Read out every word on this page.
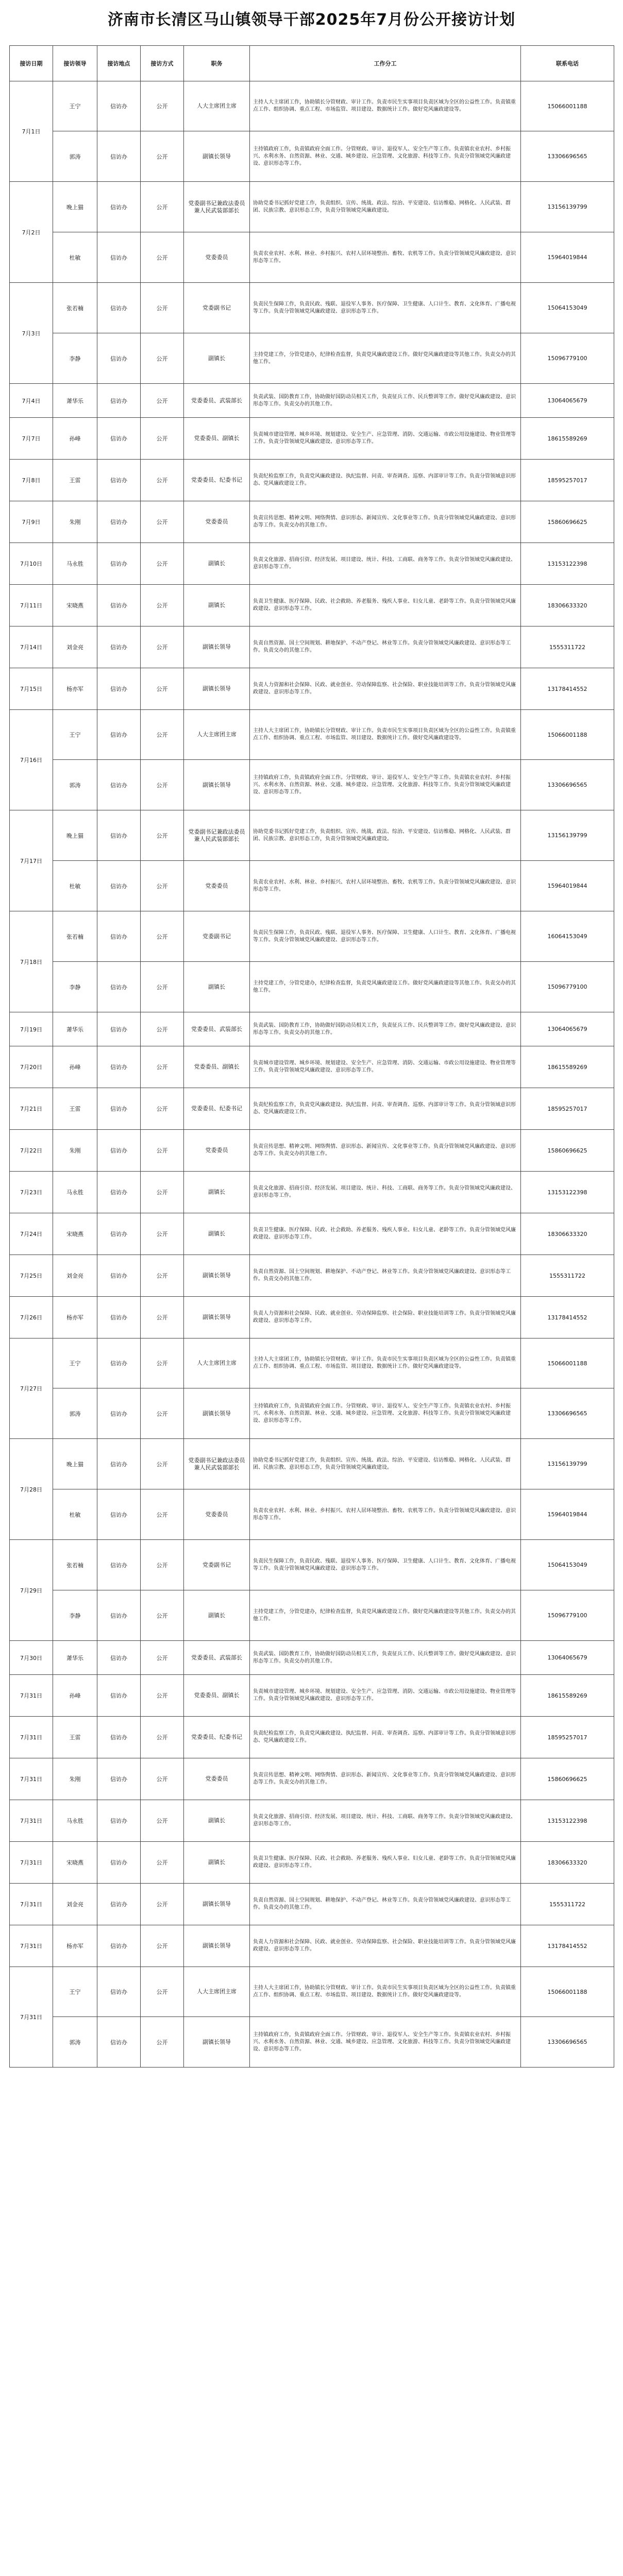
济南市长清区马山镇领导干部2025年7月份公开接访计划
接访日期	接访领导	接访地点	接访方式	职务	工作分工	联系电话
7月1日	王宁	信访办	公开	人大主席团主席	主持人大主席团工作，协助镇长分管财政、审计工作。负责市民生实事项目负责区域为全区的公益性工作。负责镇重点工作、组织协调、重点工程、市场监管、项目建设、数据统计工作。做好党风廉政建设等。	15066001188
	郭涛	信访办	公开	副镇长领导	主持镇政府工作，负责镇政府全面工作。分管财政、审计、退役军人、安全生产等工作。负责镇农业农村、乡村振兴、水利水务、自然资源、林业、交通、城乡建设、应急管理、文化旅游、科技等工作。负责分管领域党风廉政建设、意识形态等工作。	13306696565
7月2日	晚上猫	信访办	公开	党委副书记兼政法委员兼人民武装部部长	协助党委书记抓好党建工作，负责组织、宣传、统战、政法、综治、平安建设、信访维稳、网格化、人民武装、群团、民族宗教、意识形态工作，负责分管领域党风廉政建设。	13156139799
	杜敏	信访办	公开	党委委员	负责农业农村、水利、林业、乡村振兴、农村人居环境整治、畜牧、农机等工作。负责分管领域党风廉政建设、意识形态等工作。	15964019844
7月3日	张若楠	信访办	公开	党委副书记	负责民生保障工作，负责民政、残联、退役军人事务、医疗保障、卫生健康、人口计生、教育、文化体育、广播电视等工作。负责分管领域党风廉政建设、意识形态等工作。	15064153049
	李静	信访办	公开	副镇长	主持党建工作，分管党建办，纪律检查监督，负责党风廉政建设工作。做好党风廉政建设等其他工作。负责交办的其他工作。	15096779100
7月4日	萧华乐	信访办	公开	党委委员、武装部长	负责武装、国防教育工作，协助做好国防动员相关工作，负责征兵工作、民兵整训等工作。做好党风廉政建设、意识形态等工作。负责交办的其他工作。	13064065679
7月7日	孙峰	信访办	公开	党委委员、副镇长	负责城市建设管理、城乡环境、规划建设、安全生产、应急管理、消防、交通运输、市政公用设施建设、物业管理等工作。负责分管领域党风廉政建设、意识形态等工作。	18615589269
7月8日	王雷	信访办	公开	党委委员、纪委书记	负责纪检监察工作，负责党风廉政建设、执纪监督、问责、审查调查、巡察、内部审计等工作。负责分管领域意识形态、党风廉政建设工作。	18595257017
7月9日	朱刚	信访办	公开	党委委员	负责宣传思想、精神文明、网络舆情、意识形态、新闻宣传、文化事业等工作。负责分管领域党风廉政建设、意识形态等工作。负责交办的其他工作。	15860696625
7月10日	马永胜	信访办	公开	副镇长	负责文化旅游、招商引资、经济发展、项目建设、统计、科技、工商联、商务等工作。负责分管领域党风廉政建设、意识形态等工作。	13153122398
7月11日	宋晓燕	信访办	公开	副镇长	负责卫生健康、医疗保障、民政、社会救助、养老服务、残疾人事业、妇女儿童、老龄等工作。负责分管领域党风廉政建设、意识形态等工作。	18306633320
7月14日	刘金亮	信访办	公开	副镇长领导	负责自然资源、国土空间规划、耕地保护、不动产登记、林业等工作。负责分管领域党风廉政建设、意识形态等工作。负责交办的其他工作。	1555311722
7月15日	杨亦军	信访办	公开	副镇长领导	负责人力资源和社会保障、民政、就业创业、劳动保障监察、社会保险、职业技能培训等工作。负责分管领域党风廉政建设、意识形态等工作。	13178414552
7月16日	王宁	信访办	公开	人大主席团主席	主持人大主席团工作，协助镇长分管财政、审计工作。负责市民生实事项目负责区域为全区的公益性工作。负责镇重点工作、组织协调、重点工程、市场监管、项目建设、数据统计工作。做好党风廉政建设等。	15066001188
	郭涛	信访办	公开	副镇长领导	主持镇政府工作，负责镇政府全面工作。分管财政、审计、退役军人、安全生产等工作。负责镇农业农村、乡村振兴、水利水务、自然资源、林业、交通、城乡建设、应急管理、文化旅游、科技等工作。负责分管领域党风廉政建设、意识形态等工作。	13306696565
7月17日	晚上猫	信访办	公开	党委副书记兼政法委员兼人民武装部部长	协助党委书记抓好党建工作，负责组织、宣传、统战、政法、综治、平安建设、信访维稳、网格化、人民武装、群团、民族宗教、意识形态工作，负责分管领域党风廉政建设。	13156139799
	杜敏	信访办	公开	党委委员	负责农业农村、水利、林业、乡村振兴、农村人居环境整治、畜牧、农机等工作。负责分管领域党风廉政建设、意识形态等工作。	15964019844
7月18日	张若楠	信访办	公开	党委副书记	负责民生保障工作，负责民政、残联、退役军人事务、医疗保障、卫生健康、人口计生、教育、文化体育、广播电视等工作。负责分管领域党风廉政建设、意识形态等工作。	16064153049
	李静	信访办	公开	副镇长	主持党建工作，分管党建办，纪律检查监督，负责党风廉政建设工作。做好党风廉政建设等其他工作。负责交办的其他工作。	15096779100
7月19日	萧华乐	信访办	公开	党委委员、武装部长	负责武装、国防教育工作，协助做好国防动员相关工作，负责征兵工作、民兵整训等工作。做好党风廉政建设、意识形态等工作。负责交办的其他工作。	13064065679
7月20日	孙峰	信访办	公开	党委委员、副镇长	负责城市建设管理、城乡环境、规划建设、安全生产、应急管理、消防、交通运输、市政公用设施建设、物业管理等工作。负责分管领域党风廉政建设、意识形态等工作。	18615589269
7月21日	王雷	信访办	公开	党委委员、纪委书记	负责纪检监察工作，负责党风廉政建设、执纪监督、问责、审查调查、巡察、内部审计等工作。负责分管领域意识形态、党风廉政建设工作。	18595257017
7月22日	朱刚	信访办	公开	党委委员	负责宣传思想、精神文明、网络舆情、意识形态、新闻宣传、文化事业等工作。负责分管领域党风廉政建设、意识形态等工作。负责交办的其他工作。	15860696625
7月23日	马永胜	信访办	公开	副镇长	负责文化旅游、招商引资、经济发展、项目建设、统计、科技、工商联、商务等工作。负责分管领域党风廉政建设、意识形态等工作。	13153122398
7月24日	宋晓燕	信访办	公开	副镇长	负责卫生健康、医疗保障、民政、社会救助、养老服务、残疾人事业、妇女儿童、老龄等工作。负责分管领域党风廉政建设、意识形态等工作。	18306633320
7月25日	刘金亮	信访办	公开	副镇长领导	负责自然资源、国土空间规划、耕地保护、不动产登记、林业等工作。负责分管领域党风廉政建设、意识形态等工作。负责交办的其他工作。	1555311722
7月26日	杨亦军	信访办	公开	副镇长领导	负责人力资源和社会保障、民政、就业创业、劳动保障监察、社会保险、职业技能培训等工作。负责分管领域党风廉政建设、意识形态等工作。	13178414552
7月27日	王宁	信访办	公开	人大主席团主席	主持人大主席团工作，协助镇长分管财政、审计工作。负责市民生实事项目负责区域为全区的公益性工作。负责镇重点工作、组织协调、重点工程、市场监管、项目建设、数据统计工作。做好党风廉政建设等。	15066001188
	郭涛	信访办	公开	副镇长领导	主持镇政府工作，负责镇政府全面工作。分管财政、审计、退役军人、安全生产等工作。负责镇农业农村、乡村振兴、水利水务、自然资源、林业、交通、城乡建设、应急管理、文化旅游、科技等工作。负责分管领域党风廉政建设、意识形态等工作。	13306696565
7月28日	晚上猫	信访办	公开	党委副书记兼政法委员兼人民武装部部长	协助党委书记抓好党建工作，负责组织、宣传、统战、政法、综治、平安建设、信访维稳、网格化、人民武装、群团、民族宗教、意识形态工作，负责分管领域党风廉政建设。	13156139799
	杜敏	信访办	公开	党委委员	负责农业农村、水利、林业、乡村振兴、农村人居环境整治、畜牧、农机等工作。负责分管领域党风廉政建设、意识形态等工作。	15964019844
7月29日	张若楠	信访办	公开	党委副书记	负责民生保障工作，负责民政、残联、退役军人事务、医疗保障、卫生健康、人口计生、教育、文化体育、广播电视等工作。负责分管领域党风廉政建设、意识形态等工作。	15064153049
	李静	信访办	公开	副镇长	主持党建工作，分管党建办，纪律检查监督，负责党风廉政建设工作。做好党风廉政建设等其他工作。负责交办的其他工作。	15096779100
7月30日	萧华乐	信访办	公开	党委委员、武装部长	负责武装、国防教育工作，协助做好国防动员相关工作，负责征兵工作、民兵整训等工作。做好党风廉政建设、意识形态等工作。负责交办的其他工作。	13064065679
7月31日	孙峰	信访办	公开	党委委员、副镇长	负责城市建设管理、城乡环境、规划建设、安全生产、应急管理、消防、交通运输、市政公用设施建设、物业管理等工作。负责分管领域党风廉政建设、意识形态等工作。	18615589269
7月31日	王雷	信访办	公开	党委委员、纪委书记	负责纪检监察工作，负责党风廉政建设、执纪监督、问责、审查调查、巡察、内部审计等工作。负责分管领域意识形态、党风廉政建设工作。	18595257017
7月31日	朱刚	信访办	公开	党委委员	负责宣传思想、精神文明、网络舆情、意识形态、新闻宣传、文化事业等工作。负责分管领域党风廉政建设、意识形态等工作。负责交办的其他工作。	15860696625
7月31日	马永胜	信访办	公开	副镇长	负责文化旅游、招商引资、经济发展、项目建设、统计、科技、工商联、商务等工作。负责分管领域党风廉政建设、意识形态等工作。	13153122398
7月31日	宋晓燕	信访办	公开	副镇长	负责卫生健康、医疗保障、民政、社会救助、养老服务、残疾人事业、妇女儿童、老龄等工作。负责分管领域党风廉政建设、意识形态等工作。	18306633320
7月31日	刘金亮	信访办	公开	副镇长领导	负责自然资源、国土空间规划、耕地保护、不动产登记、林业等工作。负责分管领域党风廉政建设、意识形态等工作。负责交办的其他工作。	1555311722
7月31日	杨亦军	信访办	公开	副镇长领导	负责人力资源和社会保障、民政、就业创业、劳动保障监察、社会保险、职业技能培训等工作。负责分管领域党风廉政建设、意识形态等工作。	13178414552
7月31日	王宁	信访办	公开	人大主席团主席	主持人大主席团工作，协助镇长分管财政、审计工作。负责市民生实事项目负责区域为全区的公益性工作。负责镇重点工作、组织协调、重点工程、市场监管、项目建设、数据统计工作。做好党风廉政建设等。	15066001188
	郭涛	信访办	公开	副镇长领导	主持镇政府工作，负责镇政府全面工作。分管财政、审计、退役军人、安全生产等工作。负责镇农业农村、乡村振兴、水利水务、自然资源、林业、交通、城乡建设、应急管理、文化旅游、科技等工作。负责分管领域党风廉政建设、意识形态等工作。	13306696565
